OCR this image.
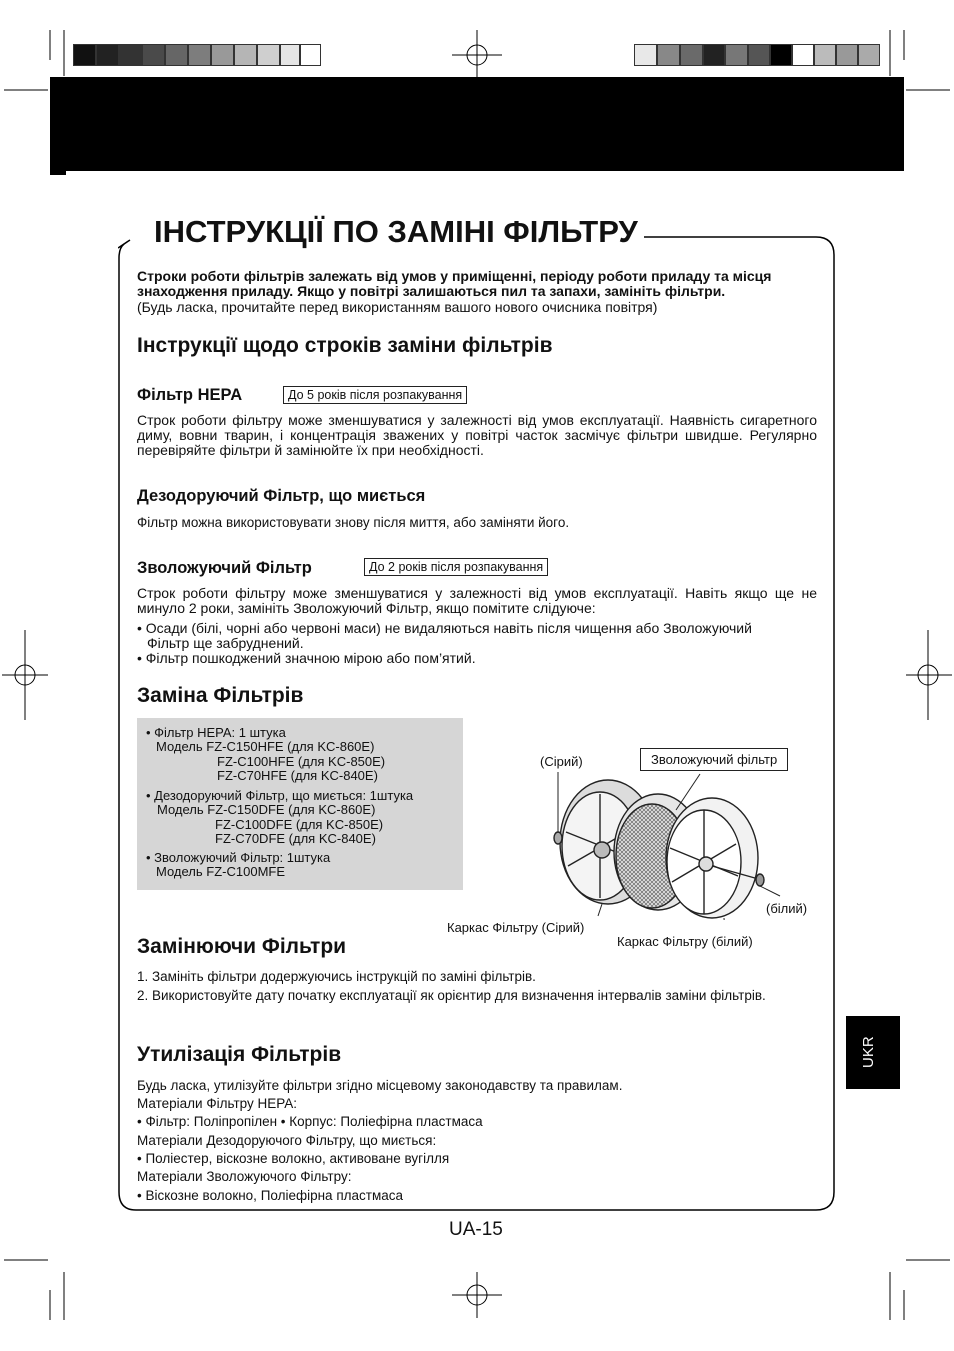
ІНСТРУКЦІЇ ПО ЗАМІНІ ФІЛЬТРУ
Строки роботи фільтрів залежать від умов у приміщенні, періоду роботи приладу та місця знаходження приладу. Якщо у повітрі залишаються пил та запахи, замініть фільтри.
(Будь ласка, прочитайте перед використанням вашого нового очисника повітря)
Інструкції щодо строків заміни фільтрів
Фільтр HEPA	До 5 років після розпакування
Строк роботи фільтру може зменшуватися у залежності від умов експлуатації. Наявність сигаретного диму, вовни тварин, і концентрація зважених у повітрі часток засмічує фільтри швидше. Регулярно перевіряйте фільтри й замінюйте їх при необхідності.
Дезодоруючий Фільтр, що миється
Фільтр можна використовувати знову після миття, або заміняти його.
Зволожуючий Фільтр	До 2 років після розпакування
Строк роботи фільтру може зменшуватися у залежності від умов експлуатації. Навіть якщо ще не минуло 2 роки, замініть Зволожуючий Фільтр, якщо помітите слідуюче:
• Осади (білі, чорні або червоні маси) не видаляються навіть після чищення або Зволожуючий
Фільтр ще забруднений.
• Фільтр пошкоджений значною мірою або пом’ятий.
Заміна Фільтрів
• Фільтр HEPA: 1 штука
Модель FZ-C150HFE (для KC-860E)
FZ-C100HFE (для KC-850E)
FZ-C70HFE (для KC-840E)
• Дезодоруючий Фільтр, що миється: 1штука
Модель FZ-C150DFE (для KC-860E)
FZ-C100DFE (для KC-850E)
FZ-C70DFE (для KC-840E)
• Зволожуючий Фільтр: 1штука
Модель FZ-C100MFE
(Сірий)	Зволожуючий фільтр
(білий)
Каркас Фільтру (Сірий)
Каркас Фільтру (білий)
Замінюючи Фільтри
1. Замініть фільтри додержуючись інструкцій по заміні фільтрів.
2. Використовуйте дату початку експлуатації як орієнтир для визначення інтервалів заміни фільтрів.
Утилізація Фільтрів
Будь ласка, утилізуйте фільтри згідно місцевому законодавству та правилам.
Матеріали Фільтру HEPA:
• Фільтр: Поліпропілен • Корпус: Поліефірна пластмаса
Матеріали Дезодоруючого Фільтру, що миється:
• Поліестер, віскозне волокно, активоване вугілля
Матеріали Зволожуючого Фільтру:
• Віскозне волокно, Поліефірна пластмаса
UKR
UA-15
